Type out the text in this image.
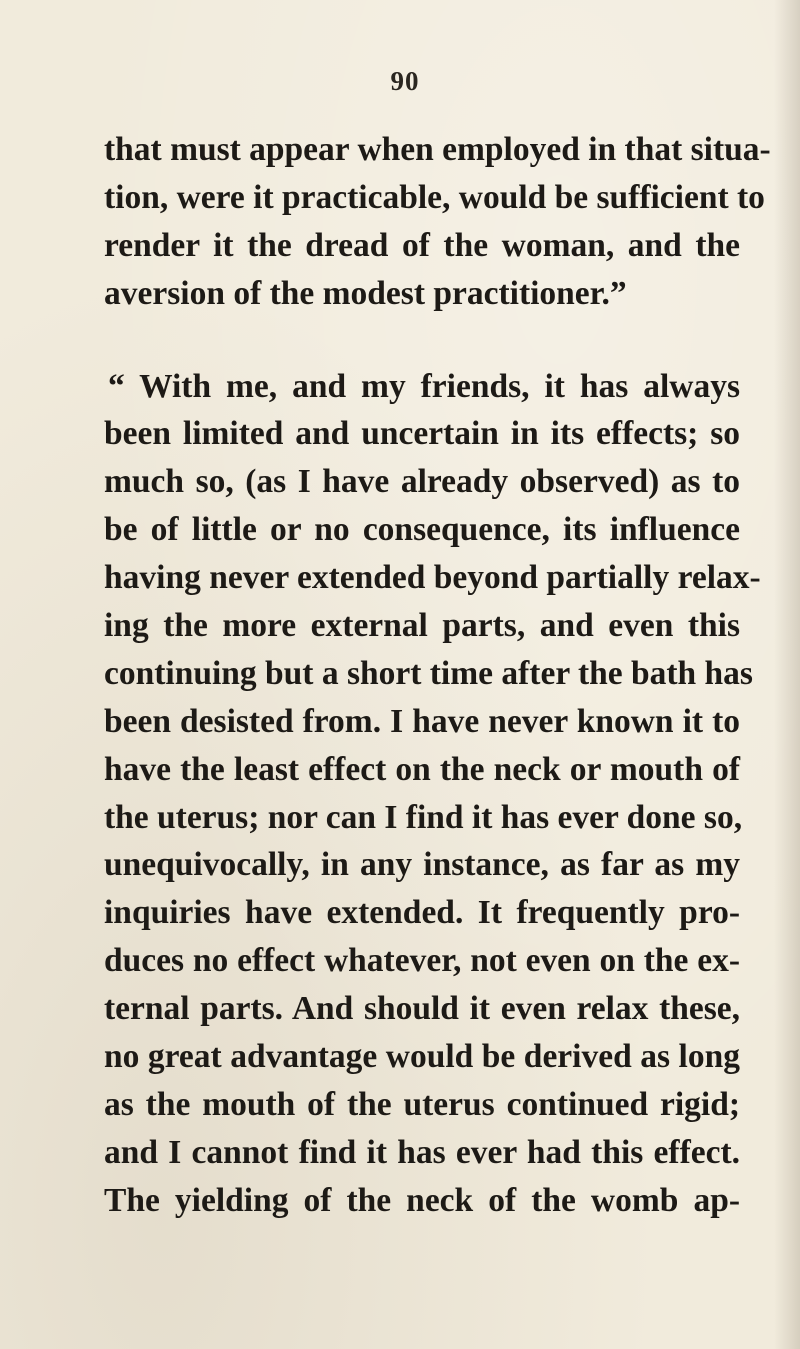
90
that must appear when employed in that situa-
tion, were it practicable, would be sufficient to
render it the dread of the woman, and the
aversion of the modest practitioner.”
“ With me, and my friends, it has always
been limited and uncertain in its effects; so
much so, (as I have already observed) as to
be of little or no consequence, its influence
having never extended beyond partially relax-
ing the more external parts, and even this
continuing but a short time after the bath has
been desisted from. I have never known it to
have the least effect on the neck or mouth of
the uterus; nor can I find it has ever done so,
unequivocally, in any instance, as far as my
inquiries have extended. It frequently pro-
duces no effect whatever, not even on the ex-
ternal parts. And should it even relax these,
no great advantage would be derived as long
as the mouth of the uterus continued rigid;
and I cannot find it has ever had this effect.
The yielding of the neck of the womb ap-
